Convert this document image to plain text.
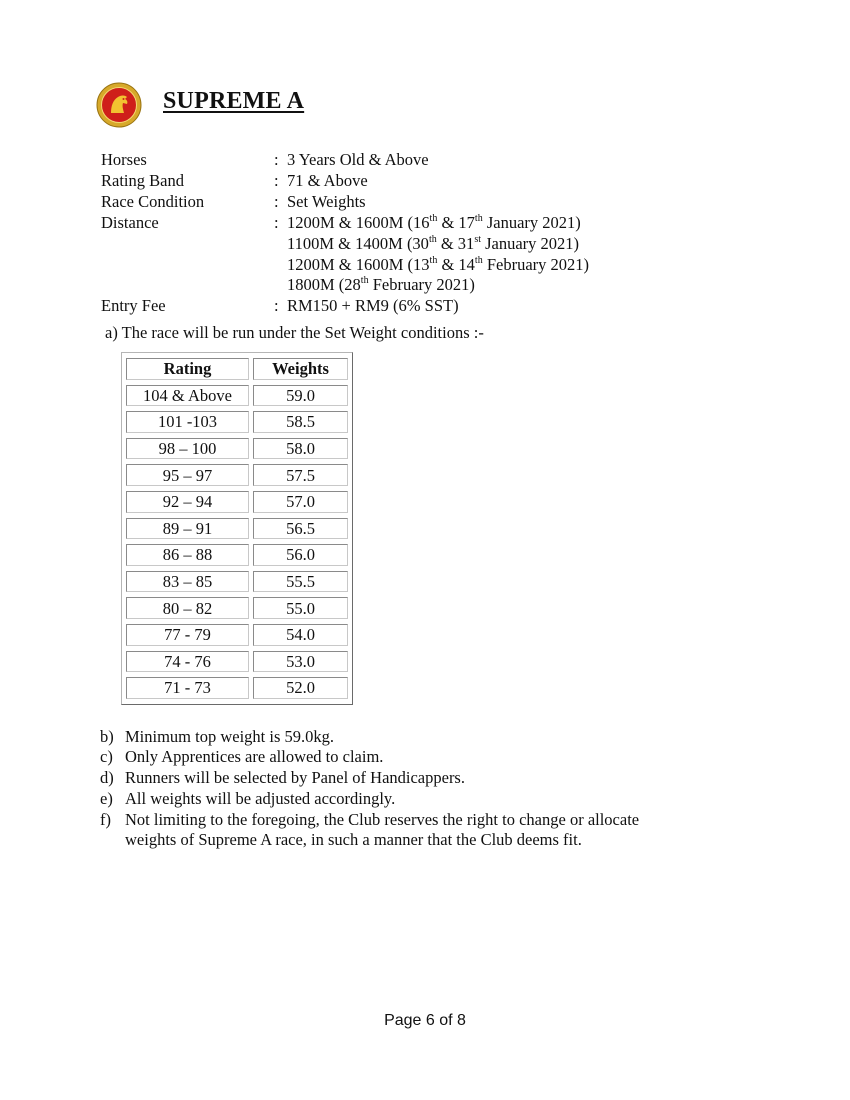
SUPREME A
Horses	: 3 Years Old & Above
Rating Band	: 71 & Above
Race Condition	: Set Weights
Distance	: 1200M & 1600M (16th & 17th January 2021)
1100M & 1400M (30th & 31st January 2021)
1200M & 1600M (13th & 14th February 2021)
1800M (28th February 2021)
Entry Fee	: RM150 + RM9 (6% SST)
a) The race will be run under the Set Weight conditions :-
Rating	Weights
104 & Above	59.0
101 -103	58.5
98 – 100	58.0
95 – 97	57.5
92 – 94	57.0
89 – 91	56.5
86 – 88	56.0
83 – 85	55.5
80 – 82	55.0
77 - 79	54.0
74 - 76	53.0
71 - 73	52.0
b) Minimum top weight is 59.0kg.
c) Only Apprentices are allowed to claim.
d) Runners will be selected by Panel of Handicappers.
e) All weights will be adjusted accordingly.
f) Not limiting to the foregoing, the Club reserves the right to change or allocate
weights of Supreme A race, in such a manner that the Club deems fit.
Page 6 of 8
